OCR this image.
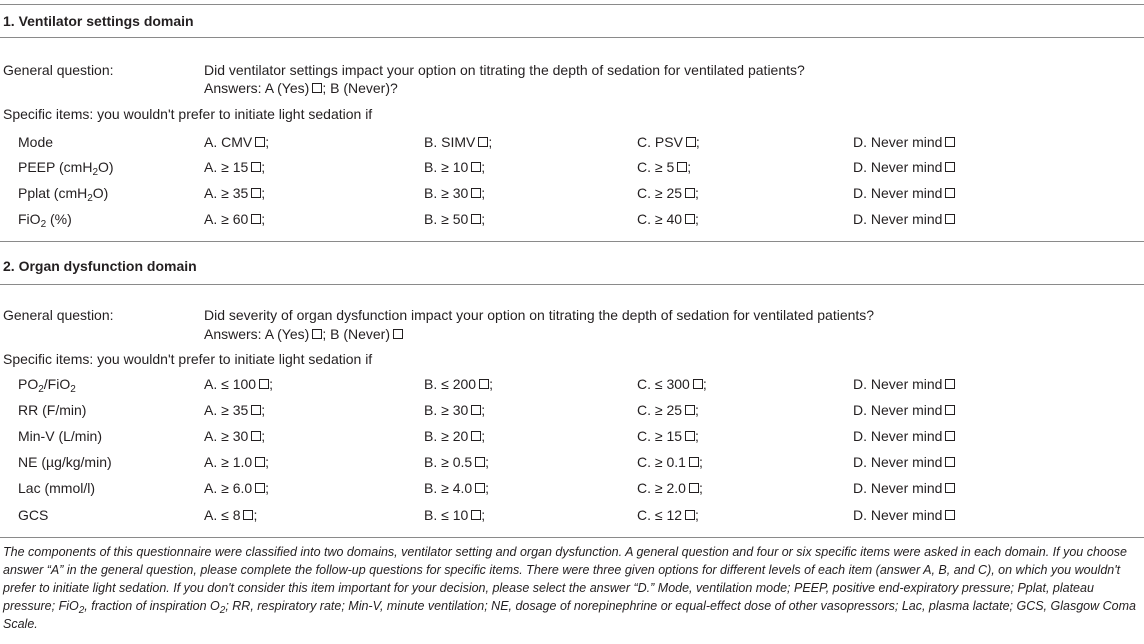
1. Ventilator settings domain
General question:	Did ventilator settings impact your option on titrating the depth of sedation for ventilated patients?
Answers: A (Yes) ; B (Never)?
Specific items: you wouldn't prefer to initiate light sedation if
Mode	A. CMV ;	B. SIMV ;	C. PSV ;	D. Never mind
PEEP (cmH$_2$O)	A. ≥ 15 ;	B. ≥ 10 ;	C. ≥ 5 ;	D. Never mind
Pplat (cmH$_2$O)	A. ≥ 35 ;	B. ≥ 30 ;	C. ≥ 25 ;	D. Never mind
FiO$_2$ (%)	A. ≥ 60 ;	B. ≥ 50 ;	C. ≥ 40 ;	D. Never mind
2. Organ dysfunction domain
General question:	Did severity of organ dysfunction impact your option on titrating the depth of sedation for ventilated patients?
Answers: A (Yes) ; B (Never)
Specific items: you wouldn't prefer to initiate light sedation if
$PO_2/FiO_2$	A. ≤ 100 ;	B. ≤ 200 ;	C. ≤ 300 ;	D. Never mind
RR (F/min)	A. ≥ 35 ;	B. ≥ 30 ;	C. ≥ 25 ;	D. Never mind
Min-V (L/min)	A. ≥ 30 ;	B. ≥ 20 ;	C. ≥ 15 ;	D. Never mind
NE (µg/kg/min)	A. ≥ 1.0 ;	B. ≥ 0.5 ;	C. ≥ 0.1 ;	D. Never mind
Lac (mmol/l)	A. ≥ 6.0 ;	B. ≥ 4.0 ;	C. ≥ 2.0 ;	D. Never mind
GCS	A. ≤ 8 ;	B. ≤ 10 ;	C. ≤ 12 ;	D. Never mind
The components of this questionnaire were classified into two domains, ventilator setting and organ dysfunction. A general question and four or six specific items were asked in each domain. If you choose answer “A” in the general question, please complete the follow-up questions for specific items. There were three given options for different levels of each item (answer A, B, and C), on which you wouldn't prefer to initiate light sedation. If you don't consider this item important for your decision, please select the answer “D.” Mode, ventilation mode; PEEP, positive end-expiratory pressure; Pplat, plateau pressure; FiO$_2$, fraction of inspiration $O_2$; RR, respiratory rate; Min-V, minute ventilation; NE, dosage of norepinephrine or equal-effect dose of other vasopressors; Lac, plasma lactate; GCS, Glasgow Coma Scale.
